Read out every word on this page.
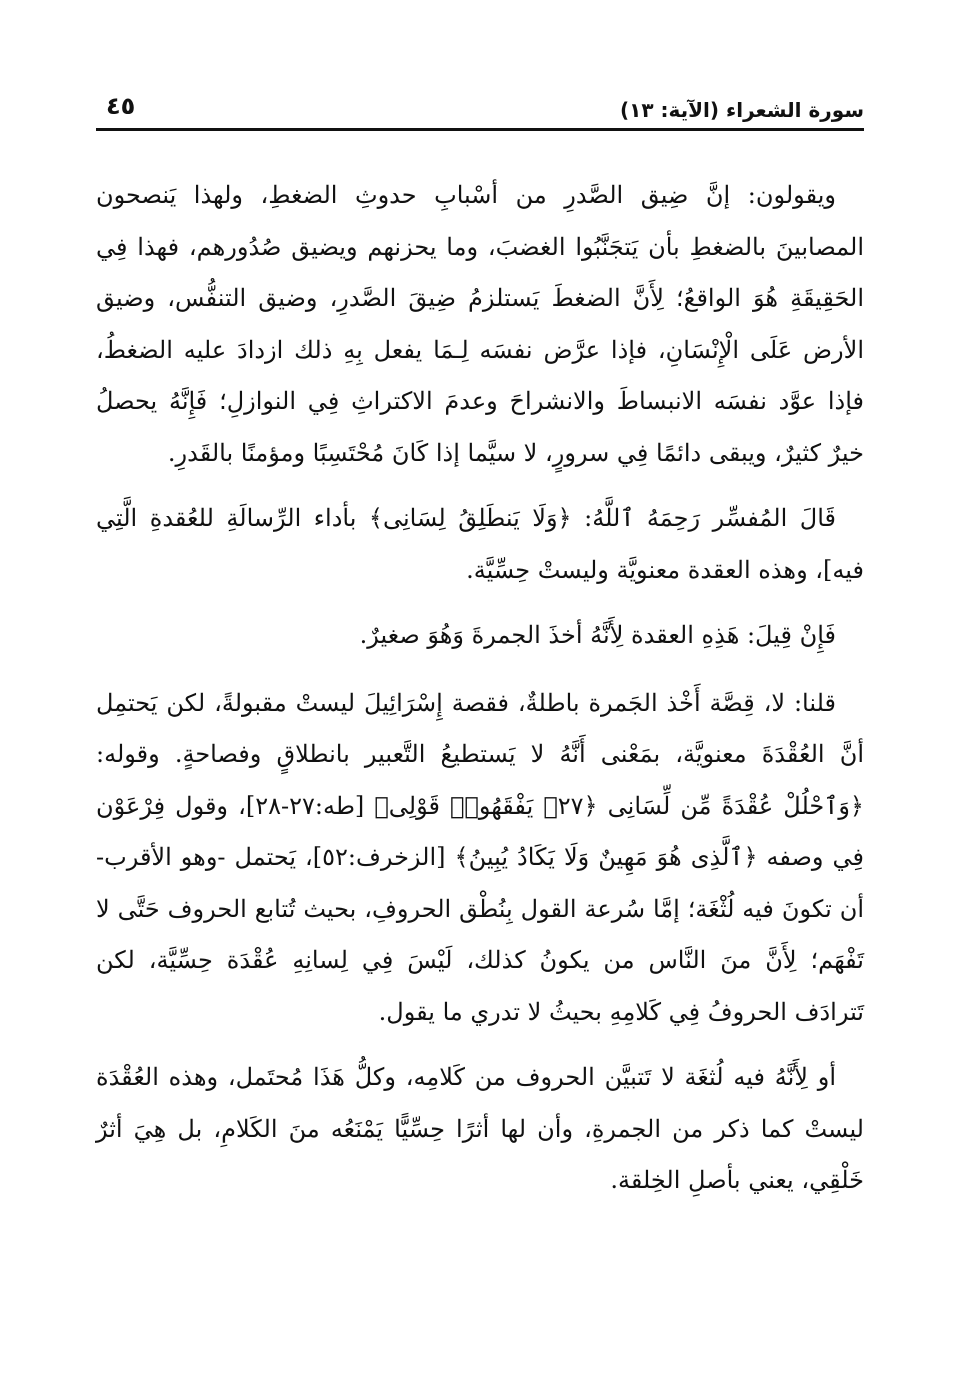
سورة الشعراء (الآية: ١٣)
٤٥

ويقولون: إنَّ ضِيق الصَّدرِ من أسْبابِ حدوثِ الضغطِ، ولهذا يَنصحون المصابينَ بالضغطِ بأن يَتجَنَّبُوا الغضبَ، وما يحزنهم ويضيق صُدُورهم، فهذا فِي الحَقِيقَةِ هُوَ الواقعُ؛ لِأَنَّ الضغطَ يَستلزمُ ضِيقَ الصَّدرِ، وضيق التنفُّس، وضيق الأرض عَلَى الْإِنْسَانِ، فإذا عرَّض نفسَه لِـمَا يفعل بِهِ ذلك ازدادَ عليه الضغطُ، فإذا عوَّد نفسَه الانبساطَ والانشراحَ وعدمَ الاكتراثِ فِي النوازلِ؛ فَإِنَّهُ يحصلُ خيرٌ كثيرٌ، ويبقى دائمًا فِي سرورٍ، لا سيَّما إذا كَانَ مُحْتَسِبًا ومؤمنًا بالقَدرِ.

قَالَ المُفسِّر رَحِمَهُ ٱللَّهُ: ﴿وَلَا يَنطَلِقُ لِسَانِى﴾ بأداء الرِّسالَةِ للعُقدةِ الَّتِي فيه]، وهذه العقدة معنويَّة وليستْ حِسِّيَّة.

فَإِنْ قِيلَ: هَذِهِ العقدة لِأَنَّهُ أخذَ الجمرةَ وَهُوَ صغيرٌ.

قلنا: لا، قِصَّة أَخْذ الجَمرة باطلةٌ، فقصة إِسْرَائِيلَ ليستْ مقبولةً، لكن يَحتمِل أنَّ العُقْدَةَ معنويَّة، بمَعْنى أَنَّهُ لا يَستطيعُ التَّعبير بانطلاقٍ وفصاحةٍ. وقوله: ﴿وَٱحْلُلْ عُقْدَةً مِّن لِّسَانِى ﴿٢٧﴾ يَفْقَهُوا۟ قَوْلِى﴾ [طه:٢٧-٢٨]، وقول فِرْعَوْن فِي وصفه ﴿ٱلَّذِى هُوَ مَهِينٌ وَلَا يَكَادُ يُبِينُ﴾ [الزخرف:٥٢]، يَحتمل -وهو الأقرب- أن تكونَ فيه لُثْغَة؛ إمَّا سُرعة القول بِنُطْق الحروفِ، بحيث تُتابع الحروف حَتَّى لا تَفْهَم؛ لِأَنَّ منَ النَّاس من يكونُ كذلك، لَيْسَ فِي لِسانِهِ عُقْدَة حِسِّيَّة، لكن تَترادَف الحروفُ فِي كَلامِهِ بحيثُ لا تدري ما يقول.

أو لِأَنَّهُ فيه لُثغَة لا تَتبيَّن الحروف من كَلامِه، وكلُّ هَذَا مُحتَمل، وهذه العُقْدَة ليستْ كما ذكر من الجمرةِ، وأن لها أثرًا حِسِّيًّا يَمْنَعُه منَ الكَلامِ، بل هِيَ أثرٌ خَلْقِي، يعني بأصلِ الخِلقة.
